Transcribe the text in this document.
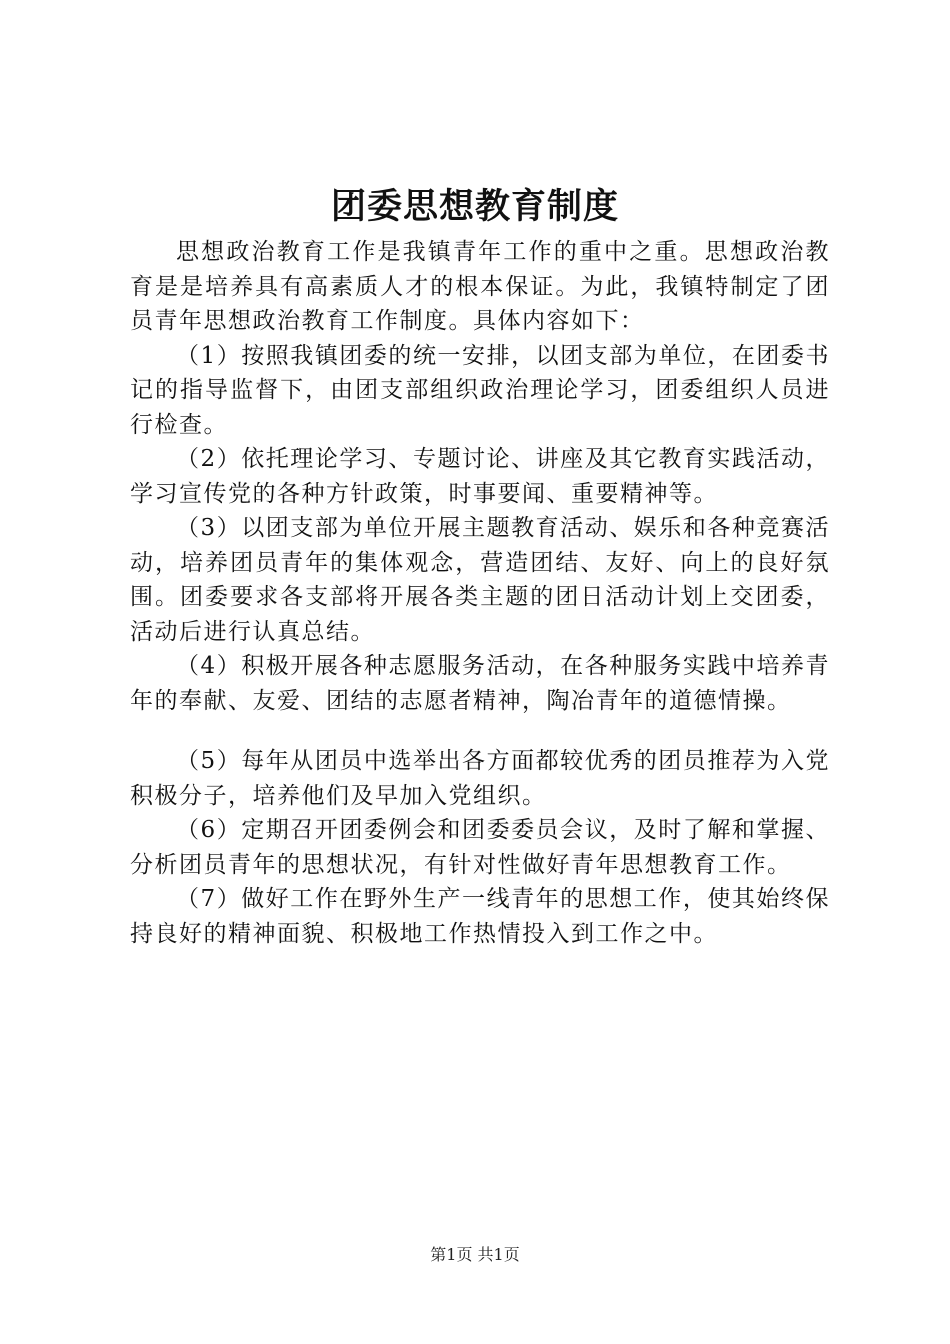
团委思想教育制度

思想政治教育工作是我镇青年工作的重中之重。思想政治教育是是培养具有高素质人才的根本保证。为此，我镇特制定了团员青年思想政治教育工作制度。具体内容如下：

（1）按照我镇团委的统一安排，以团支部为单位，在团委书记的指导监督下，由团支部组织政治理论学习，团委组织人员进行检查。

（2）依托理论学习、专题讨论、讲座及其它教育实践活动，学习宣传党的各种方针政策，时事要闻、重要精神等。

（3）以团支部为单位开展主题教育活动、娱乐和各种竞赛活动，培养团员青年的集体观念，营造团结、友好、向上的良好氛围。团委要求各支部将开展各类主题的团日活动计划上交团委，活动后进行认真总结。

（4）积极开展各种志愿服务活动，在各种服务实践中培养青年的奉献、友爱、团结的志愿者精神，陶冶青年的道德情操。

（5）每年从团员中选举出各方面都较优秀的团员推荐为入党积极分子，培养他们及早加入党组织。

（6）定期召开团委例会和团委委员会议，及时了解和掌握、分析团员青年的思想状况，有针对性做好青年思想教育工作。

（7）做好工作在野外生产一线青年的思想工作，使其始终保持良好的精神面貌、积极地工作热情投入到工作之中。

第1页 共1页
